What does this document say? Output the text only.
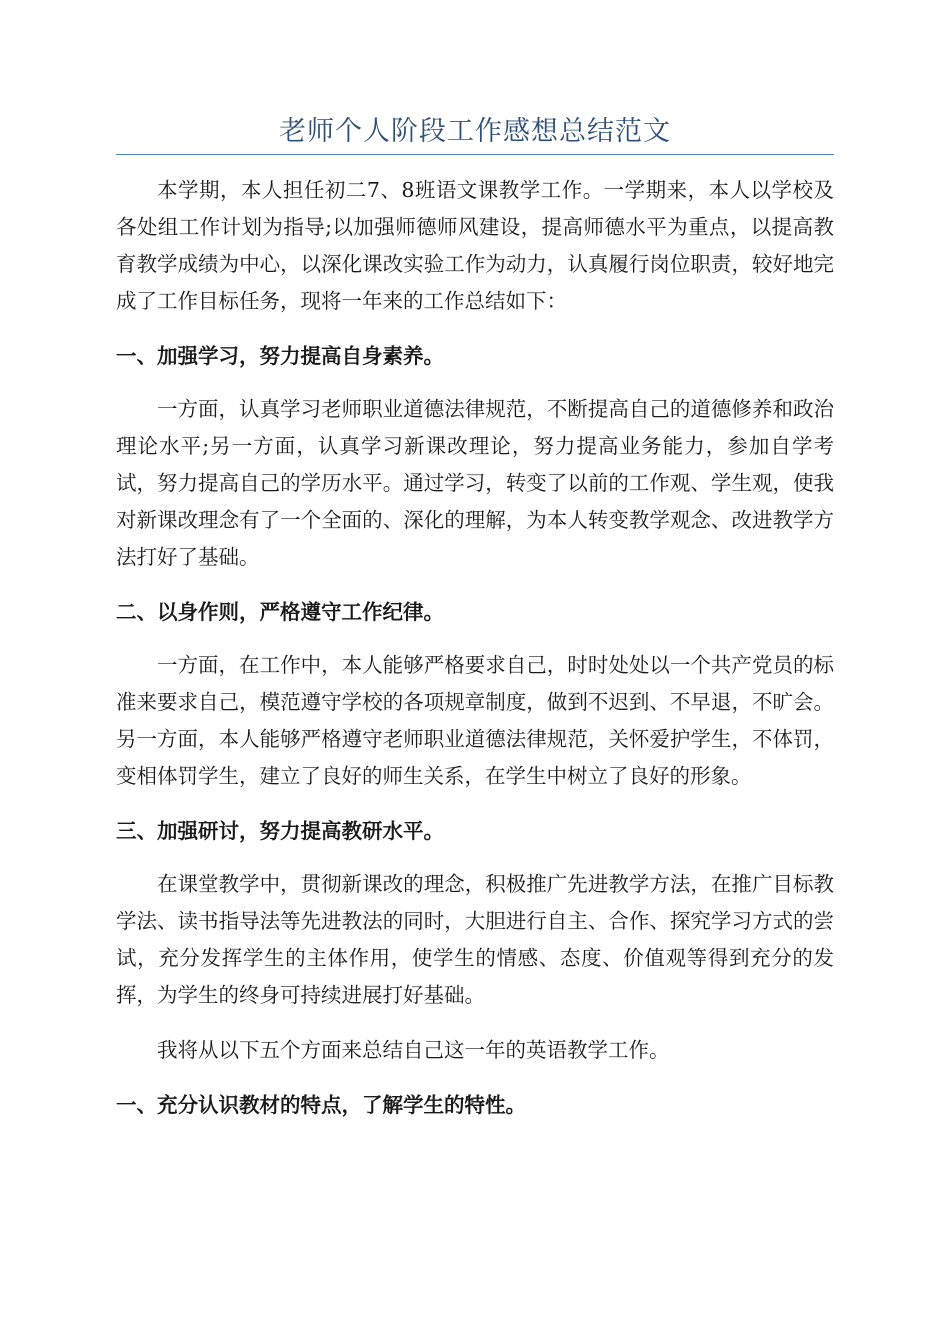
老师个人阶段工作感想总结范文

本学期，本人担任初二7、8班语文课教学工作。一学期来，本人以学校及各处组工作计划为指导;以加强师德师风建设，提高师德水平为重点，以提高教育教学成绩为中心，以深化课改实验工作为动力，认真履行岗位职责，较好地完成了工作目标任务，现将一年来的工作总结如下：

一、加强学习，努力提高自身素养。

一方面，认真学习老师职业道德法律规范，不断提高自己的道德修养和政治理论水平;另一方面，认真学习新课改理论，努力提高业务能力，参加自学考试，努力提高自己的学历水平。通过学习，转变了以前的工作观、学生观，使我对新课改理念有了一个全面的、深化的理解，为本人转变教学观念、改进教学方法打好了基础。

二、以身作则，严格遵守工作纪律。

一方面，在工作中，本人能够严格要求自己，时时处处以一个共产党员的标准来要求自己，模范遵守学校的各项规章制度，做到不迟到、不早退，不旷会。另一方面，本人能够严格遵守老师职业道德法律规范，关怀爱护学生，不体罚，变相体罚学生，建立了良好的师生关系，在学生中树立了良好的形象。

三、加强研讨，努力提高教研水平。

在课堂教学中，贯彻新课改的理念，积极推广先进教学方法，在推广目标教学法、读书指导法等先进教法的同时，大胆进行自主、合作、探究学习方式的尝试，充分发挥学生的主体作用，使学生的情感、态度、价值观等得到充分的发挥，为学生的终身可持续进展打好基础。

我将从以下五个方面来总结自己这一年的英语教学工作。

一、充分认识教材的特点，了解学生的特性。
